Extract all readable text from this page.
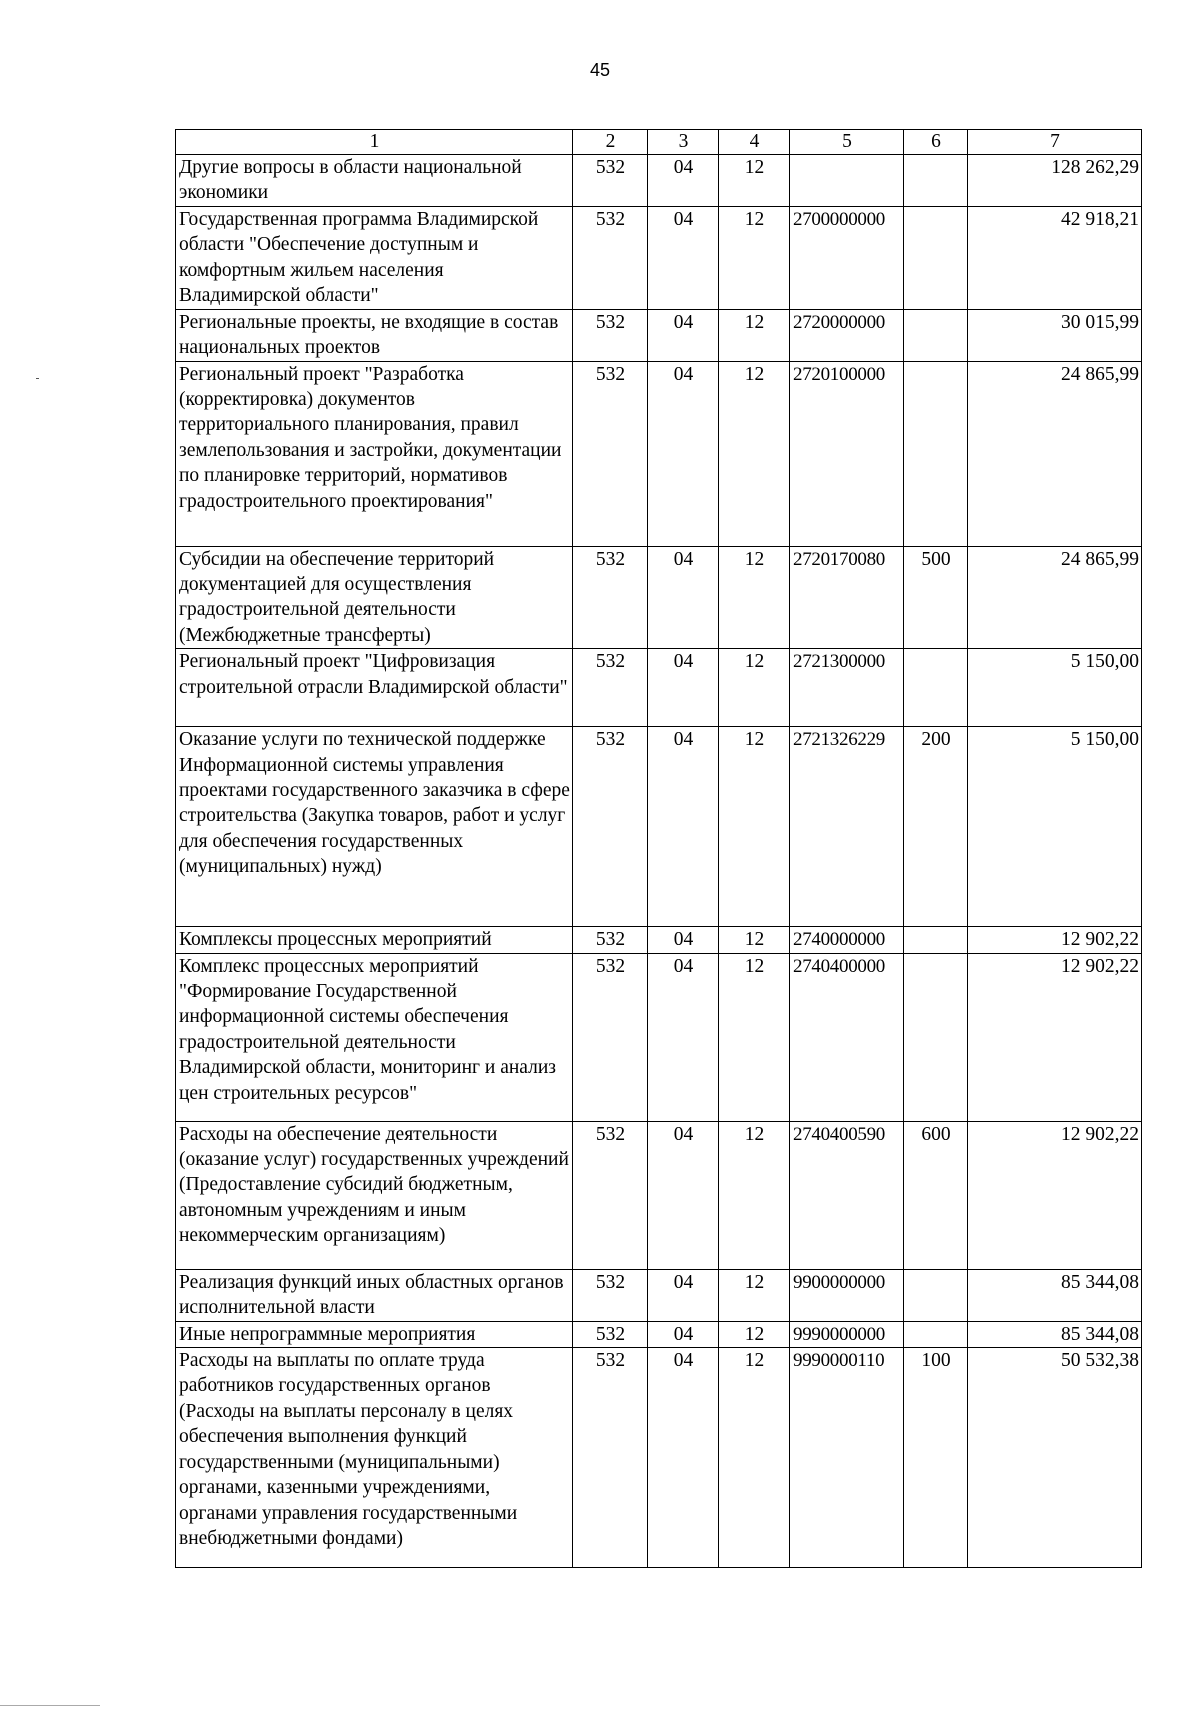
45
1	2	3	4	5	6	7
Другие вопросы в области национальной экономики	532	04	12			128 262,29
Государственная программа Владимирской области "Обеспечение доступным и комфортным жильем населения Владимирской области"	532	04	12	2700000000		42 918,21
Региональные проекты, не входящие в состав национальных проектов	532	04	12	2720000000		30 015,99
Региональный проект "Разработка (корректировка) документов территориального планирования, правил землепользования и застройки, документации по планировке территорий, нормативов градостроительного проектирования"	532	04	12	2720100000		24 865,99
Субсидии на обеспечение территорий документацией для осуществления градостроительной деятельности (Межбюджетные трансферты)	532	04	12	2720170080	500	24 865,99
Региональный проект "Цифровизация строительной отрасли Владимирской области"	532	04	12	2721300000		5 150,00
Оказание услуги по технической поддержке Информационной системы управления проектами государственного заказчика в сфере строительства (Закупка товаров, работ и услуг для обеспечения государственных (муниципальных) нужд)	532	04	12	2721326229	200	5 150,00
Комплексы процессных мероприятий	532	04	12	2740000000		12 902,22
Комплекс процессных мероприятий "Формирование Государственной информационной системы обеспечения градостроительной деятельности Владимирской области, мониторинг и анализ цен строительных ресурсов"	532	04	12	2740400000		12 902,22
Расходы на обеспечение деятельности (оказание услуг) государственных учреждений (Предоставление субсидий бюджетным, автономным учреждениям и иным некоммерческим организациям)	532	04	12	2740400590	600	12 902,22
Реализация функций иных областных органов исполнительной власти	532	04	12	9900000000		85 344,08
Иные непрограммные мероприятия	532	04	12	9990000000		85 344,08
Расходы на выплаты по оплате труда работников государственных органов (Расходы на выплаты персоналу в целях обеспечения выполнения функций государственными (муниципальными) органами, казенными учреждениями, органами управления государственными внебюджетными фондами)	532	04	12	9990000110	100	50 532,38
